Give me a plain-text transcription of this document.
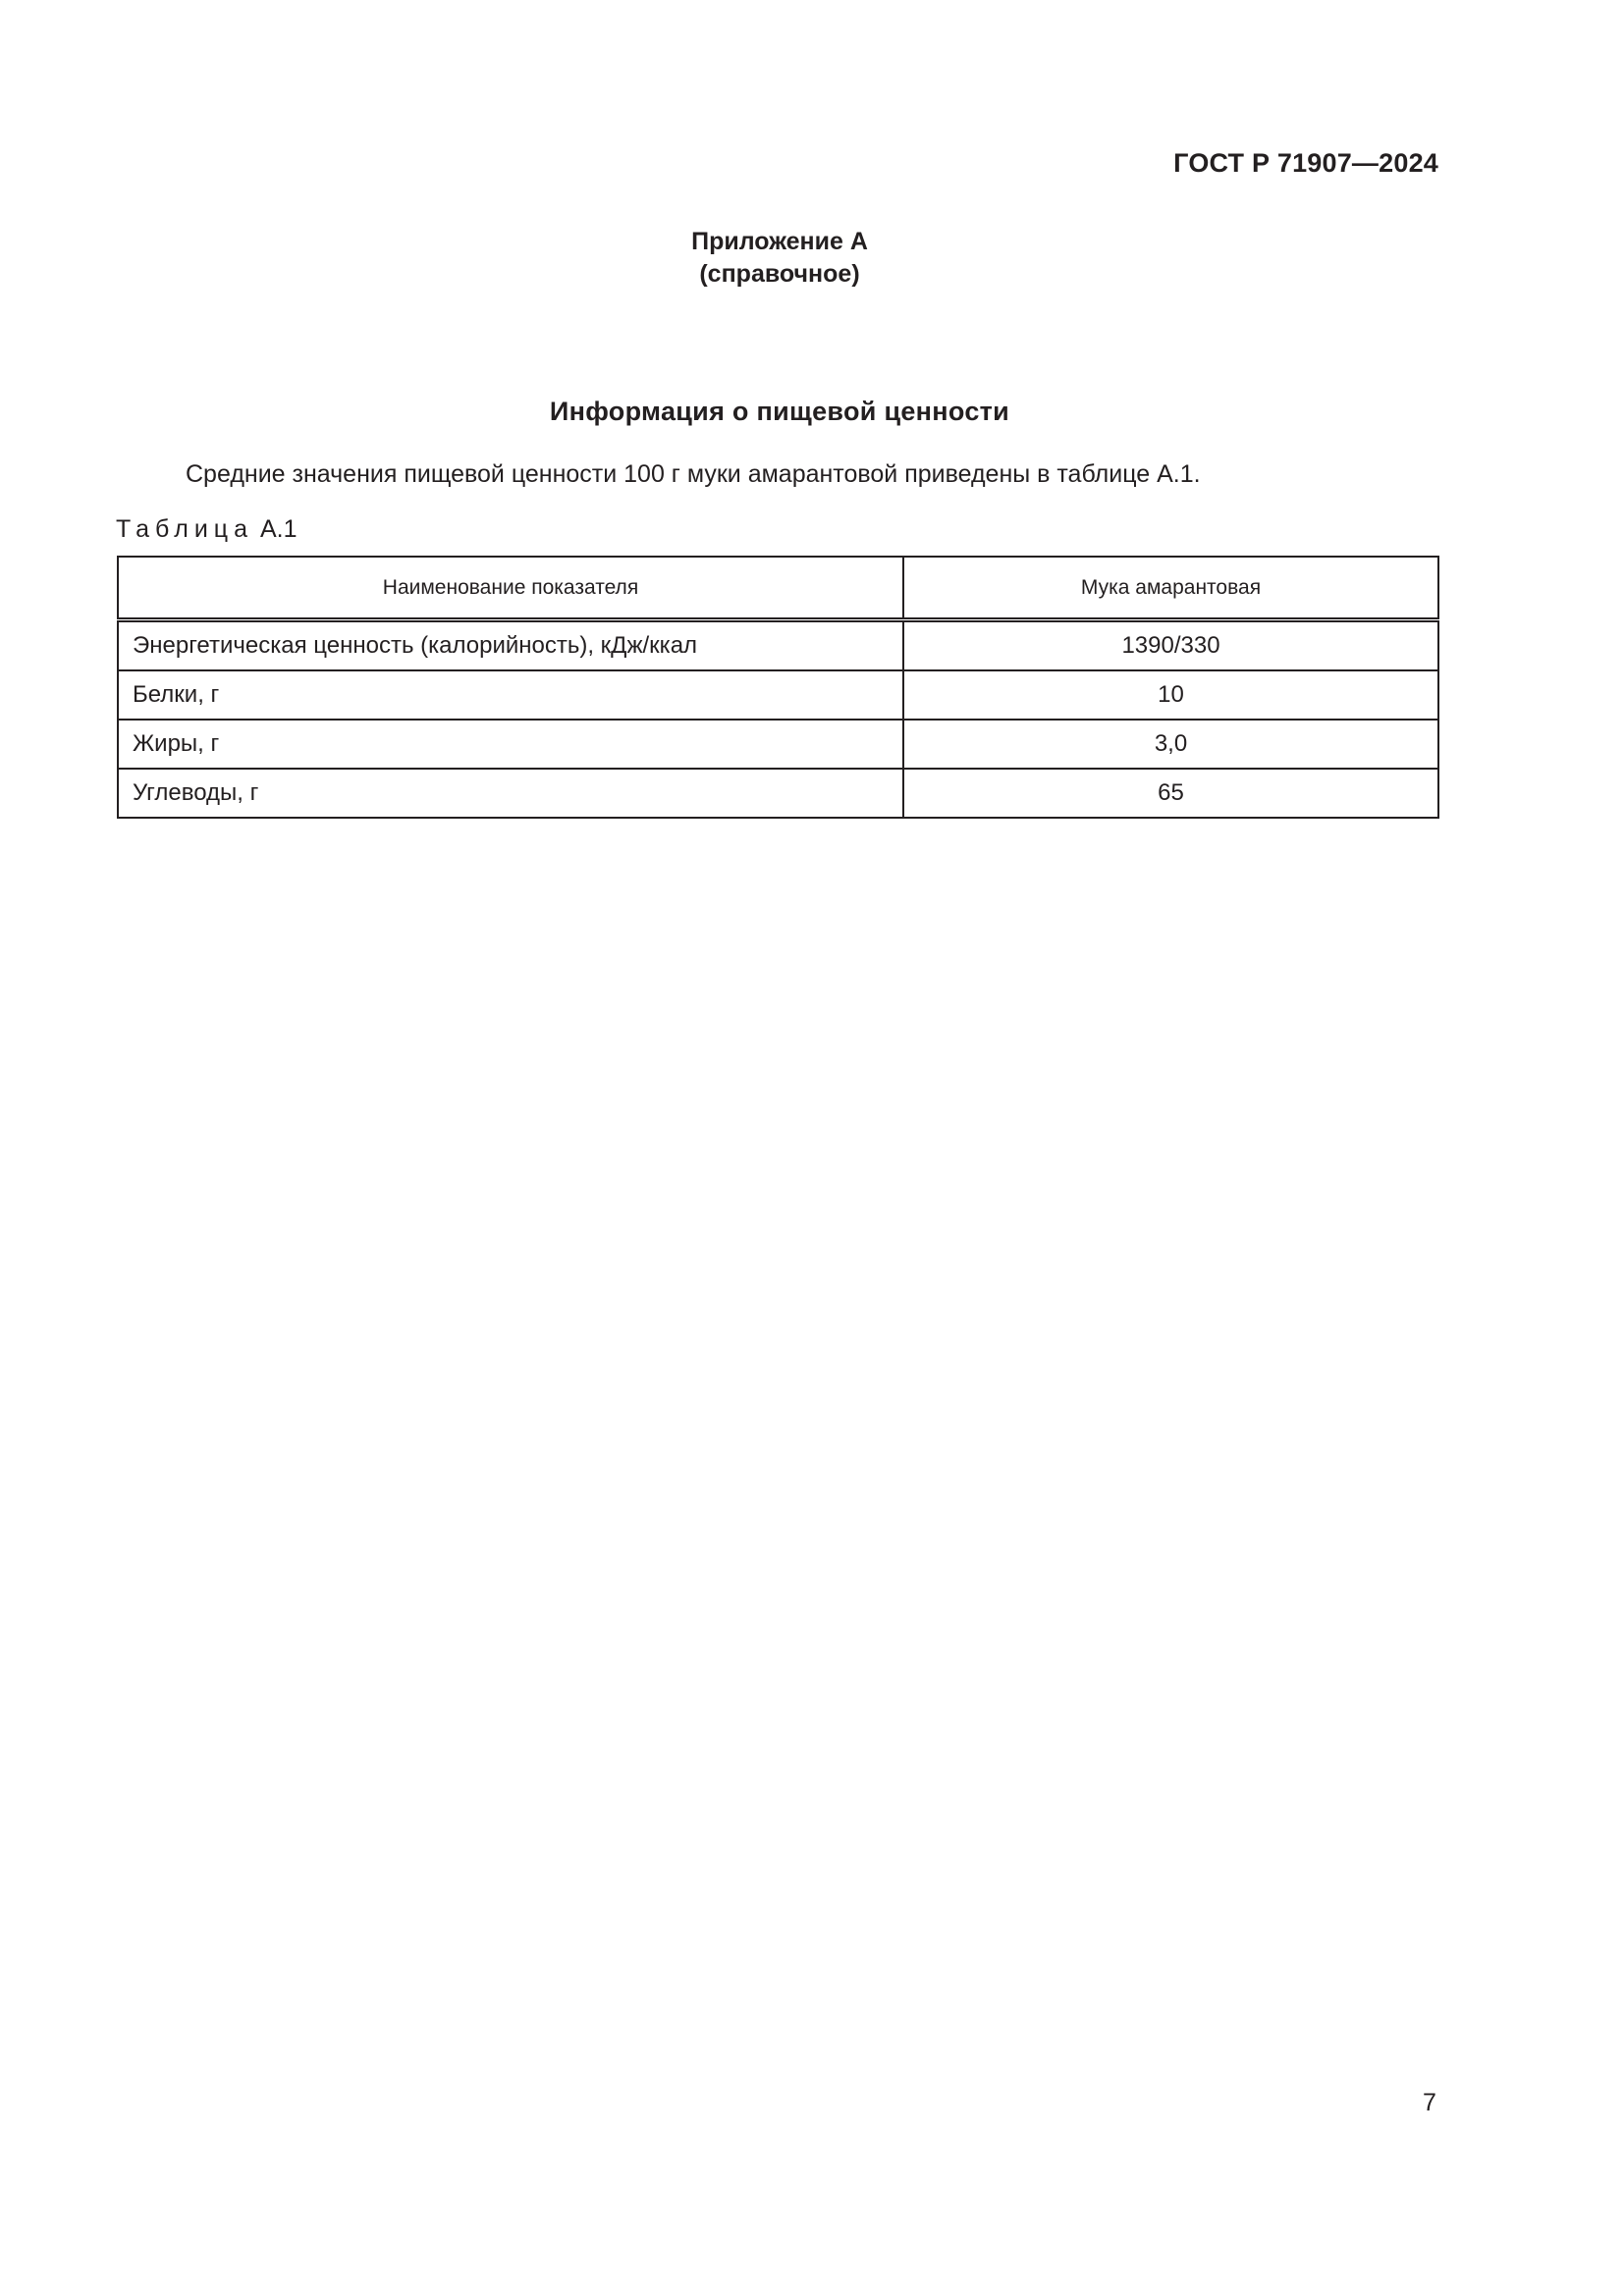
ГОСТ Р 71907—2024
Приложение А
(справочное)
Информация о пищевой ценности
Средние значения пищевой ценности 100 г муки амарантовой приведены в таблице А.1.
Таблица А.1
Наименование показателя	Мука амарантовая
Энергетическая ценность (калорийность), кДж/ккал	1390/330
Белки, г	10
Жиры, г	3,0
Углеводы, г	65
7
